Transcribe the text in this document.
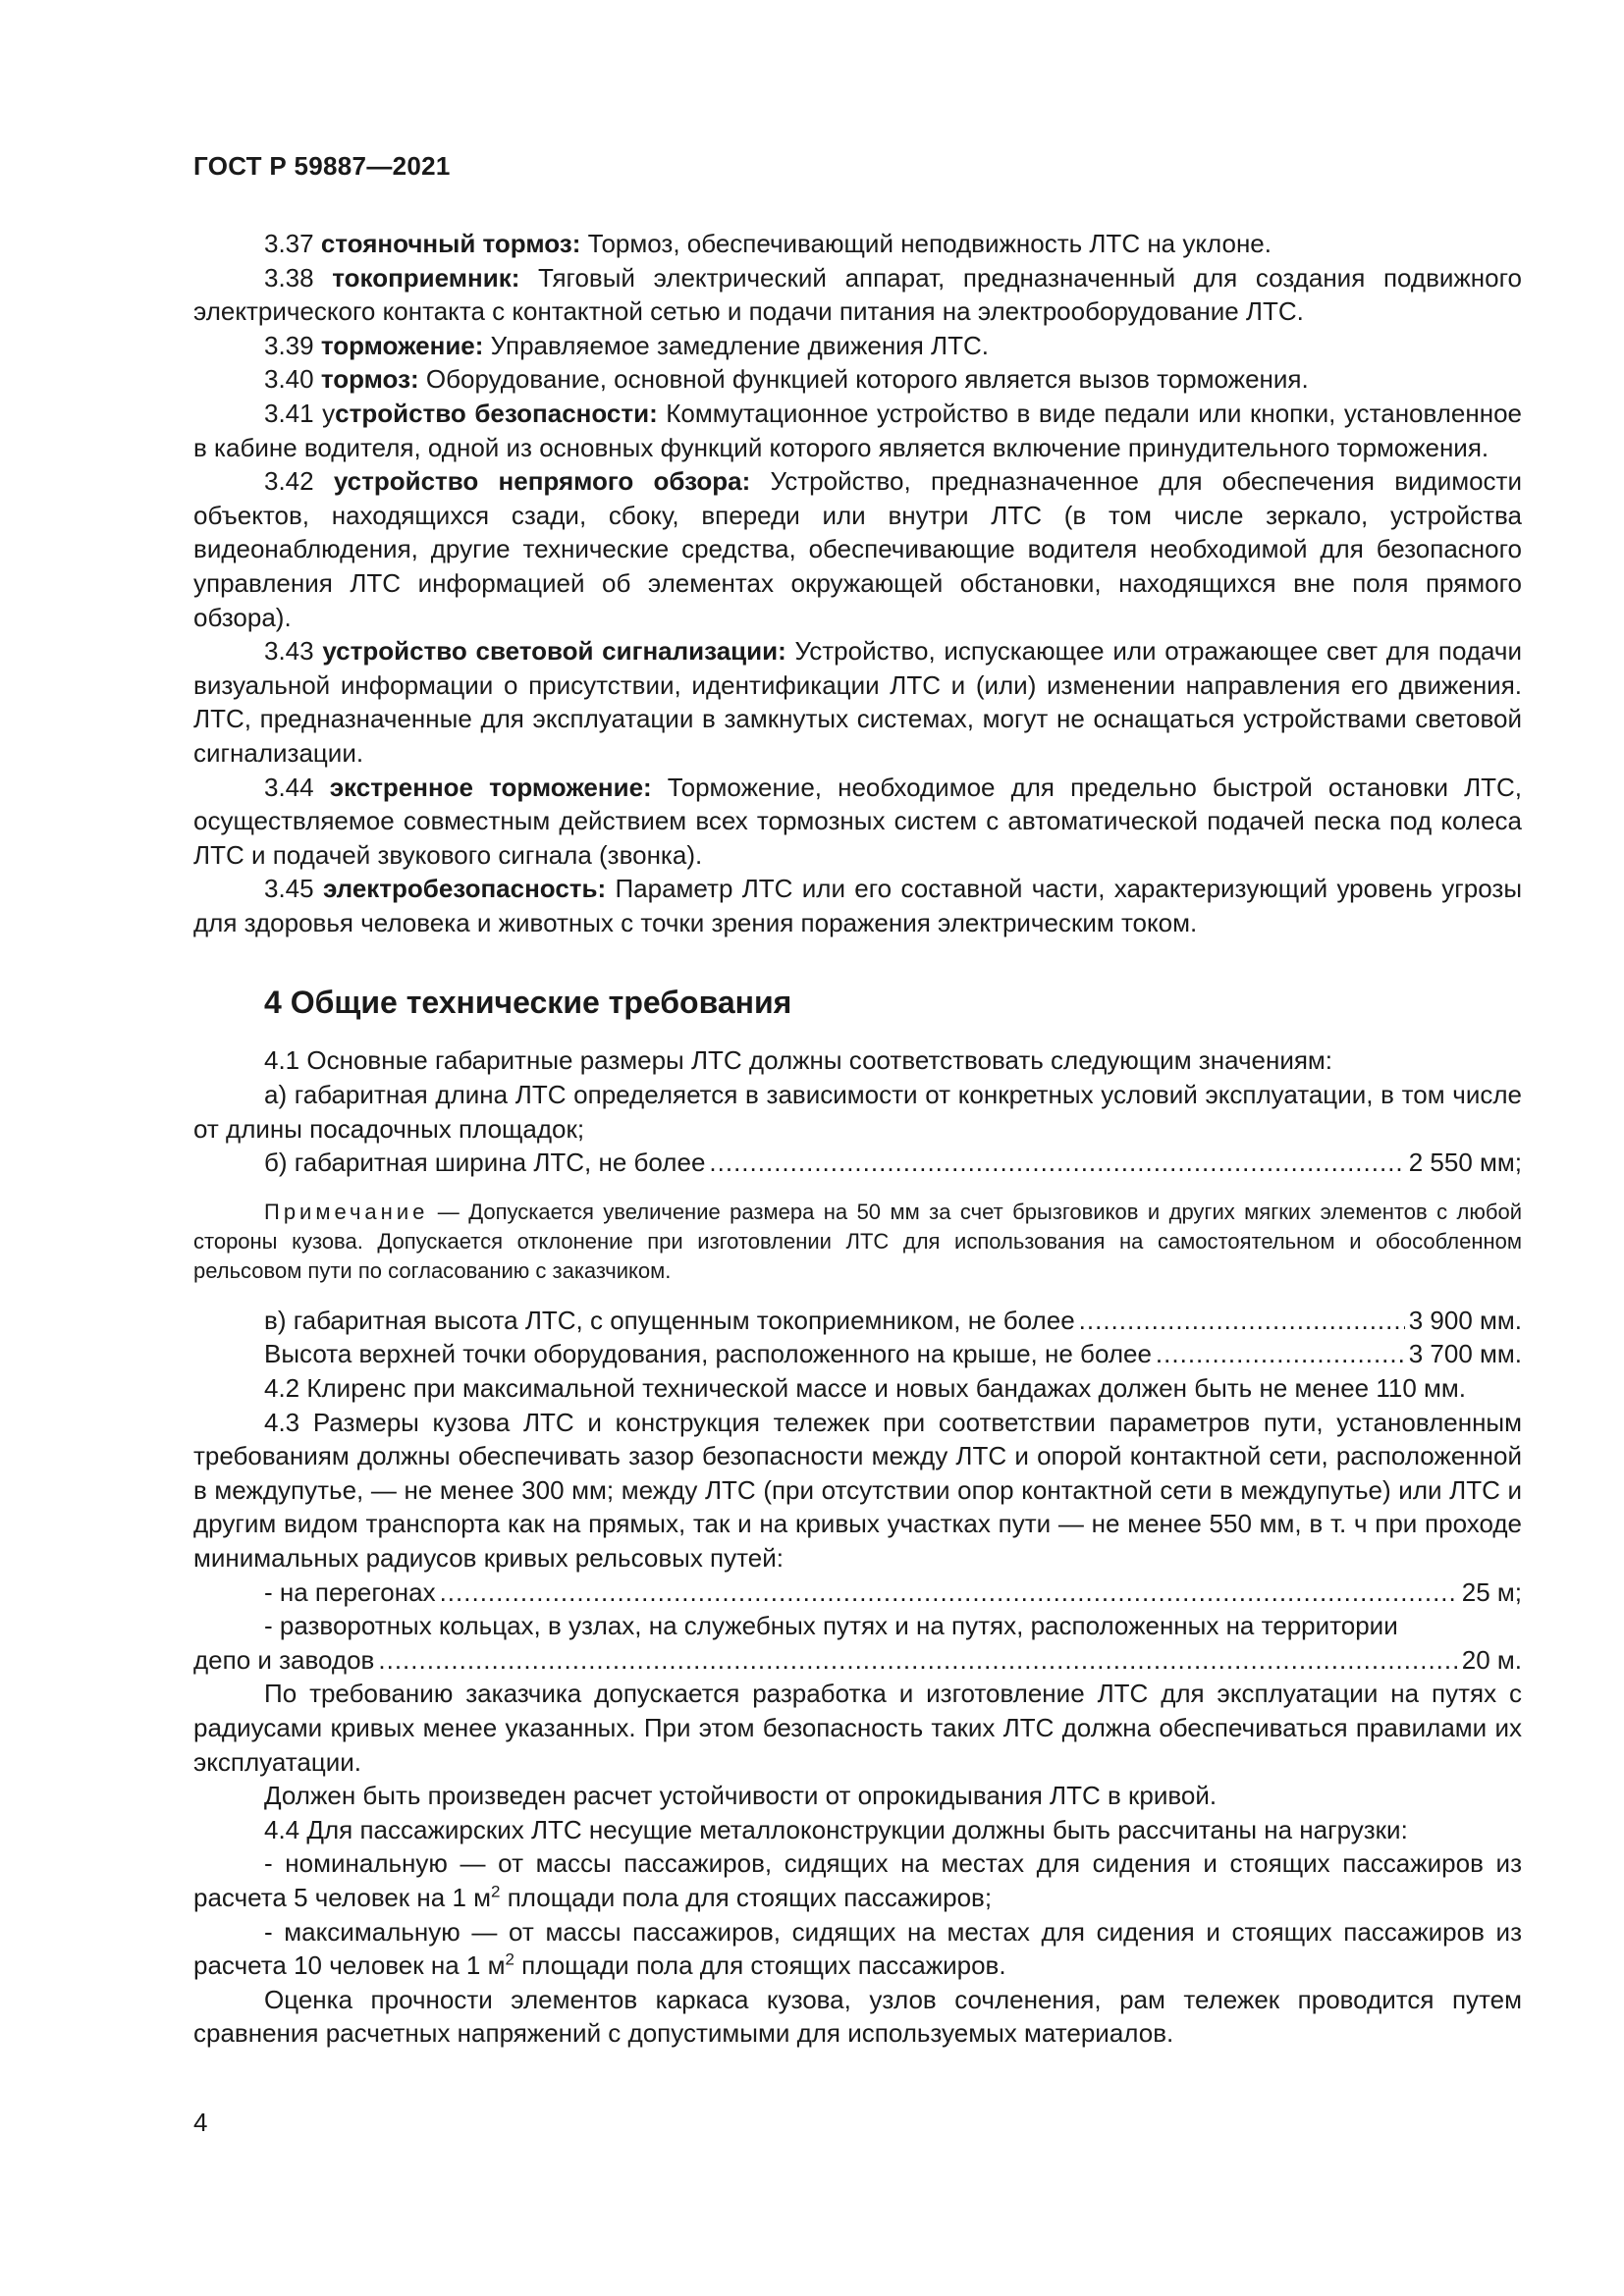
ГОСТ Р 59887—2021

3.37 стояночный тормоз: Тормоз, обеспечивающий неподвижность ЛТС на уклоне.

3.38 токоприемник: Тяговый электрический аппарат, предназначенный для создания подвижного электрического контакта с контактной сетью и подачи питания на электрооборудование ЛТС.

3.39 торможение: Управляемое замедление движения ЛТС.

3.40 тормоз: Оборудование, основной функцией которого является вызов торможения.

3.41 устройство безопасности: Коммутационное устройство в виде педали или кнопки, установленное в кабине водителя, одной из основных функций которого является включение принудительного торможения.

3.42 устройство непрямого обзора: Устройство, предназначенное для обеспечения видимости объектов, находящихся сзади, сбоку, впереди или внутри ЛТС (в том числе зеркало, устройства видеонаблюдения, другие технические средства, обеспечивающие водителя необходимой для безопасного управления ЛТС информацией об элементах окружающей обстановки, находящихся вне поля прямого обзора).

3.43 устройство световой сигнализации: Устройство, испускающее или отражающее свет для подачи визуальной информации о присутствии, идентификации ЛТС и (или) изменении направления его движения. ЛТС, предназначенные для эксплуатации в замкнутых системах, могут не оснащаться устройствами световой сигнализации.

3.44 экстренное торможение: Торможение, необходимое для предельно быстрой остановки ЛТС, осуществляемое совместным действием всех тормозных систем с автоматической подачей песка под колеса ЛТС и подачей звукового сигнала (звонка).

3.45 электробезопасность: Параметр ЛТС или его составной части, характеризующий уровень угрозы для здоровья человека и животных с точки зрения поражения электрическим током.

4 Общие технические требования

4.1 Основные габаритные размеры ЛТС должны соответствовать следующим значениям:

а) габаритная длина ЛТС определяется в зависимости от конкретных условий эксплуатации, в том числе от длины посадочных площадок;

б) габаритная ширина ЛТС, не более .....	2 550 мм;

Примечание — Допускается увеличение размера на 50 мм за счет брызговиков и других мягких элементов с любой стороны кузова. Допускается отклонение при изготовлении ЛТС для использования на самостоятельном и обособленном рельсовом пути по согласованию с заказчиком.

в) габаритная высота ЛТС, с опущенным токоприемником, не более .....	3 900 мм.
Высота верхней точки оборудования, расположенного на крыше, не более .....	3 700 мм.

4.2 Клиренс при максимальной технической массе и новых бандажах должен быть не менее 110 мм.

4.3 Размеры кузова ЛТС и конструкция тележек при соответствии параметров пути, установленным требованиям должны обеспечивать зазор безопасности между ЛТС и опорой контактной сети, расположенной в междупутье, — не менее 300 мм; между ЛТС (при отсутствии опор контактной сети в междупутье) или ЛТС и другим видом транспорта как на прямых, так и на кривых участках пути — не менее 550 мм, в т. ч при проходе минимальных радиусов кривых рельсовых путей:

- на перегонах .....	25 м;

- разворотных кольцах, в узлах, на служебных путях и на путях, расположенных на территории

депо и заводов .....	20 м.

По требованию заказчика допускается разработка и изготовление ЛТС для эксплуатации на путях с радиусами кривых менее указанных. При этом безопасность таких ЛТС должна обеспечиваться правилами их эксплуатации.

Должен быть произведен расчет устойчивости от опрокидывания ЛТС в кривой.

4.4 Для пассажирских ЛТС несущие металлоконструкции должны быть рассчитаны на нагрузки:

- номинальную — от массы пассажиров, сидящих на местах для сидения и стоящих пассажиров из расчета 5 человек на 1 $м^2$ площади пола для стоящих пассажиров;

- максимальную — от массы пассажиров, сидящих на местах для сидения и стоящих пассажиров из расчета 10 человек на 1 $м^2$ площади пола для стоящих пассажиров.

Оценка прочности элементов каркаса кузова, узлов сочленения, рам тележек проводится путем сравнения расчетных напряжений с допустимыми для используемых материалов.

4
